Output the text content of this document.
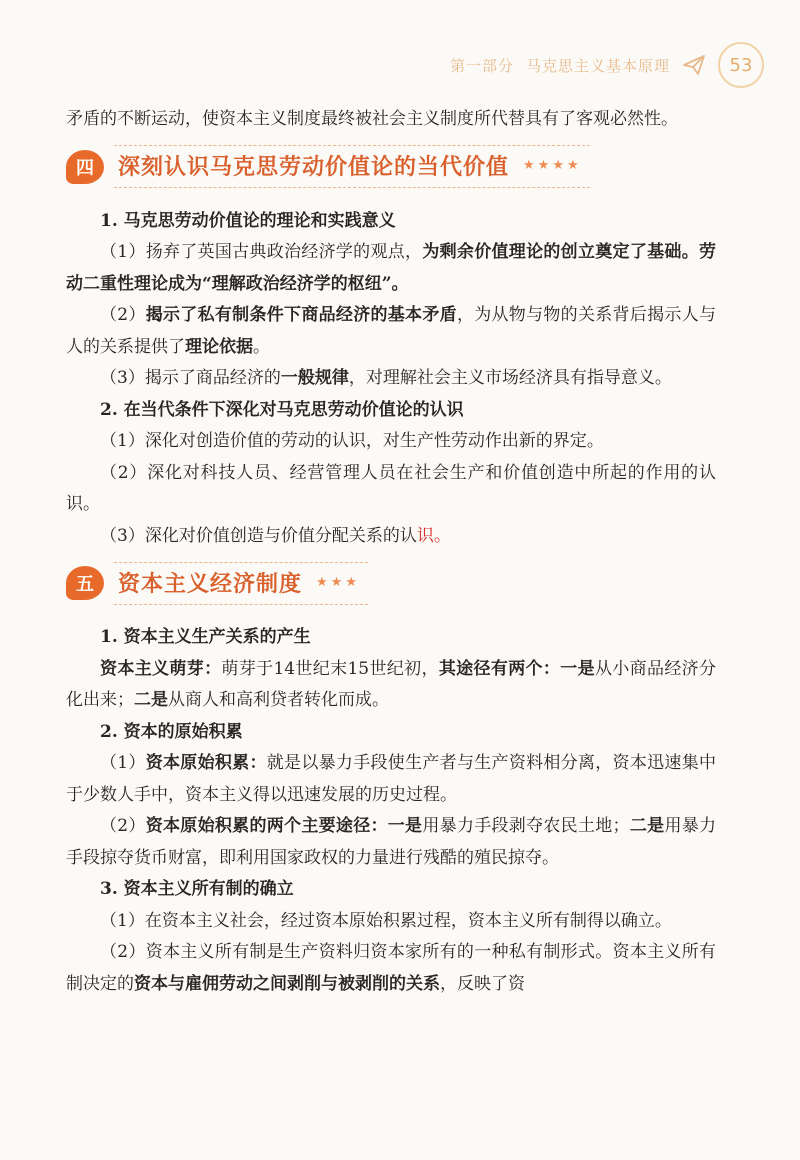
第一部分 马克思主义基本原理	53

矛盾的不断运动，使资本主义制度最终被社会主义制度所代替具有了客观必然性。

四	深刻认识马克思劳动价值论的当代价值 ★★★★

1. 马克思劳动价值论的理论和实践意义

（1）扬弃了英国古典政治经济学的观点，为剩余价值理论的创立奠定了基础。劳动二重性理论成为“理解政治经济学的枢纽”。

（2）揭示了私有制条件下商品经济的基本矛盾，为从物与物的关系背后揭示人与人的关系提供了理论依据。

（3）揭示了商品经济的一般规律，对理解社会主义市场经济具有指导意义。

2. 在当代条件下深化对马克思劳动价值论的认识

（1）深化对创造价值的劳动的认识，对生产性劳动作出新的界定。

（2）深化对科技人员、经营管理人员在社会生产和价值创造中所起的作用的认识。

（3）深化对价值创造与价值分配关系的认识。

五	资本主义经济制度 ★★★

1. 资本主义生产关系的产生

资本主义萌芽：萌芽于14世纪末15世纪初，其途径有两个：一是从小商品经济分化出来；二是从商人和高利贷者转化而成。

2. 资本的原始积累

（1）资本原始积累：就是以暴力手段使生产者与生产资料相分离，资本迅速集中于少数人手中，资本主义得以迅速发展的历史过程。

（2）资本原始积累的两个主要途径：一是用暴力手段剥夺农民土地；二是用暴力手段掠夺货币财富，即利用国家政权的力量进行残酷的殖民掠夺。

3. 资本主义所有制的确立

（1）在资本主义社会，经过资本原始积累过程，资本主义所有制得以确立。

（2）资本主义所有制是生产资料归资本家所有的一种私有制形式。资本主义所有制决定的资本与雇佣劳动之间剥削与被剥削的关系，反映了资
